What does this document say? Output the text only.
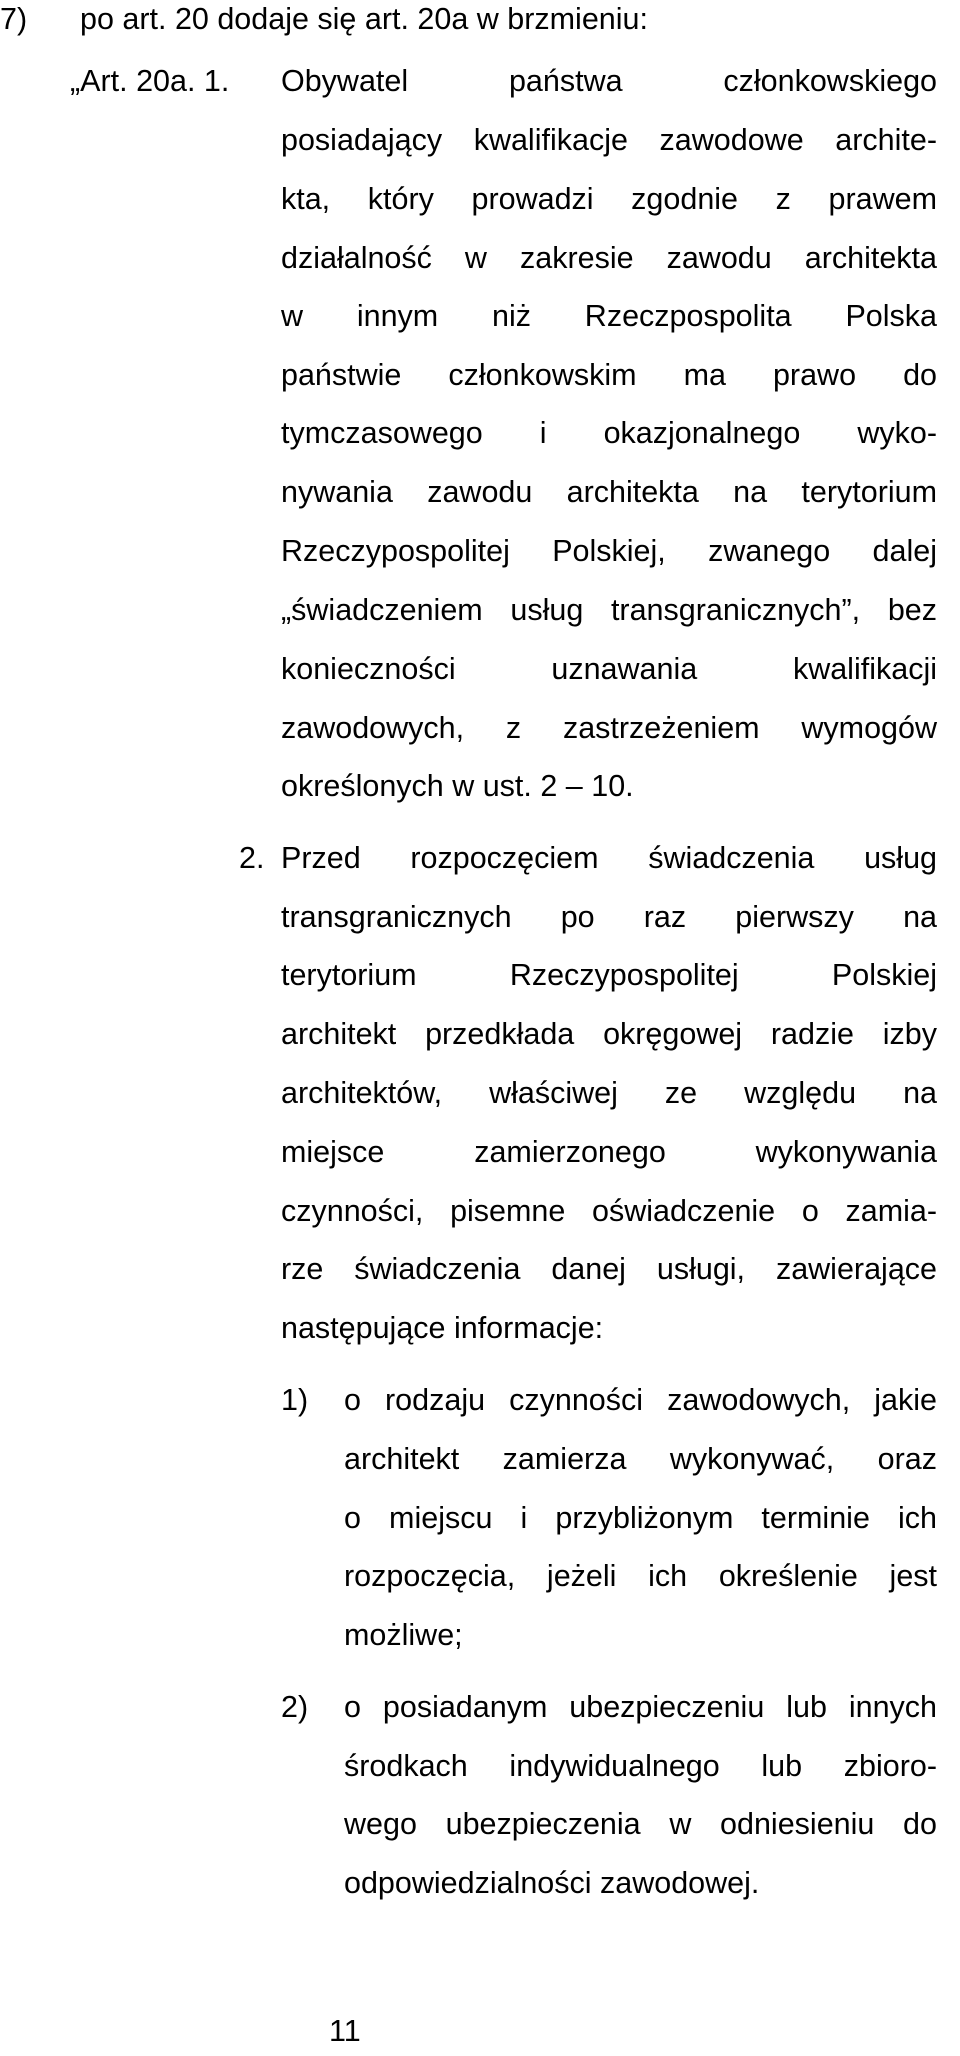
7) po art. 20 dodaje się art. 20a w brzmieniu:
„Art. 20a. 1. Obywatel państwa członkowskiego
posiadający kwalifikacje zawodowe archite-
kta, który prowadzi zgodnie z prawem
działalność w zakresie zawodu architekta
w innym niż Rzeczpospolita Polska
państwie członkowskim ma prawo do
tymczasowego i okazjonalnego wyko-
nywania zawodu architekta na terytorium
Rzeczypospolitej Polskiej, zwanego dalej
„świadczeniem usług transgranicznych”, bez
konieczności uznawania kwalifikacji
zawodowych, z zastrzeżeniem wymogów
określonych w ust. 2 – 10.
2. Przed rozpoczęciem świadczenia usług
transgranicznych po raz pierwszy na
terytorium Rzeczypospolitej Polskiej
architekt przedkłada okręgowej radzie izby
architektów, właściwej ze względu na
miejsce zamierzonego wykonywania
czynności, pisemne oświadczenie o zamia-
rze świadczenia danej usługi, zawierające
następujące informacje:
1) o rodzaju czynności zawodowych, jakie
architekt zamierza wykonywać, oraz
o miejscu i przybliżonym terminie ich
rozpoczęcia, jeżeli ich określenie jest
możliwe;
2) o posiadanym ubezpieczeniu lub innych
środkach indywidualnego lub zbioro-
wego ubezpieczenia w odniesieniu do
odpowiedzialności zawodowej.
11
